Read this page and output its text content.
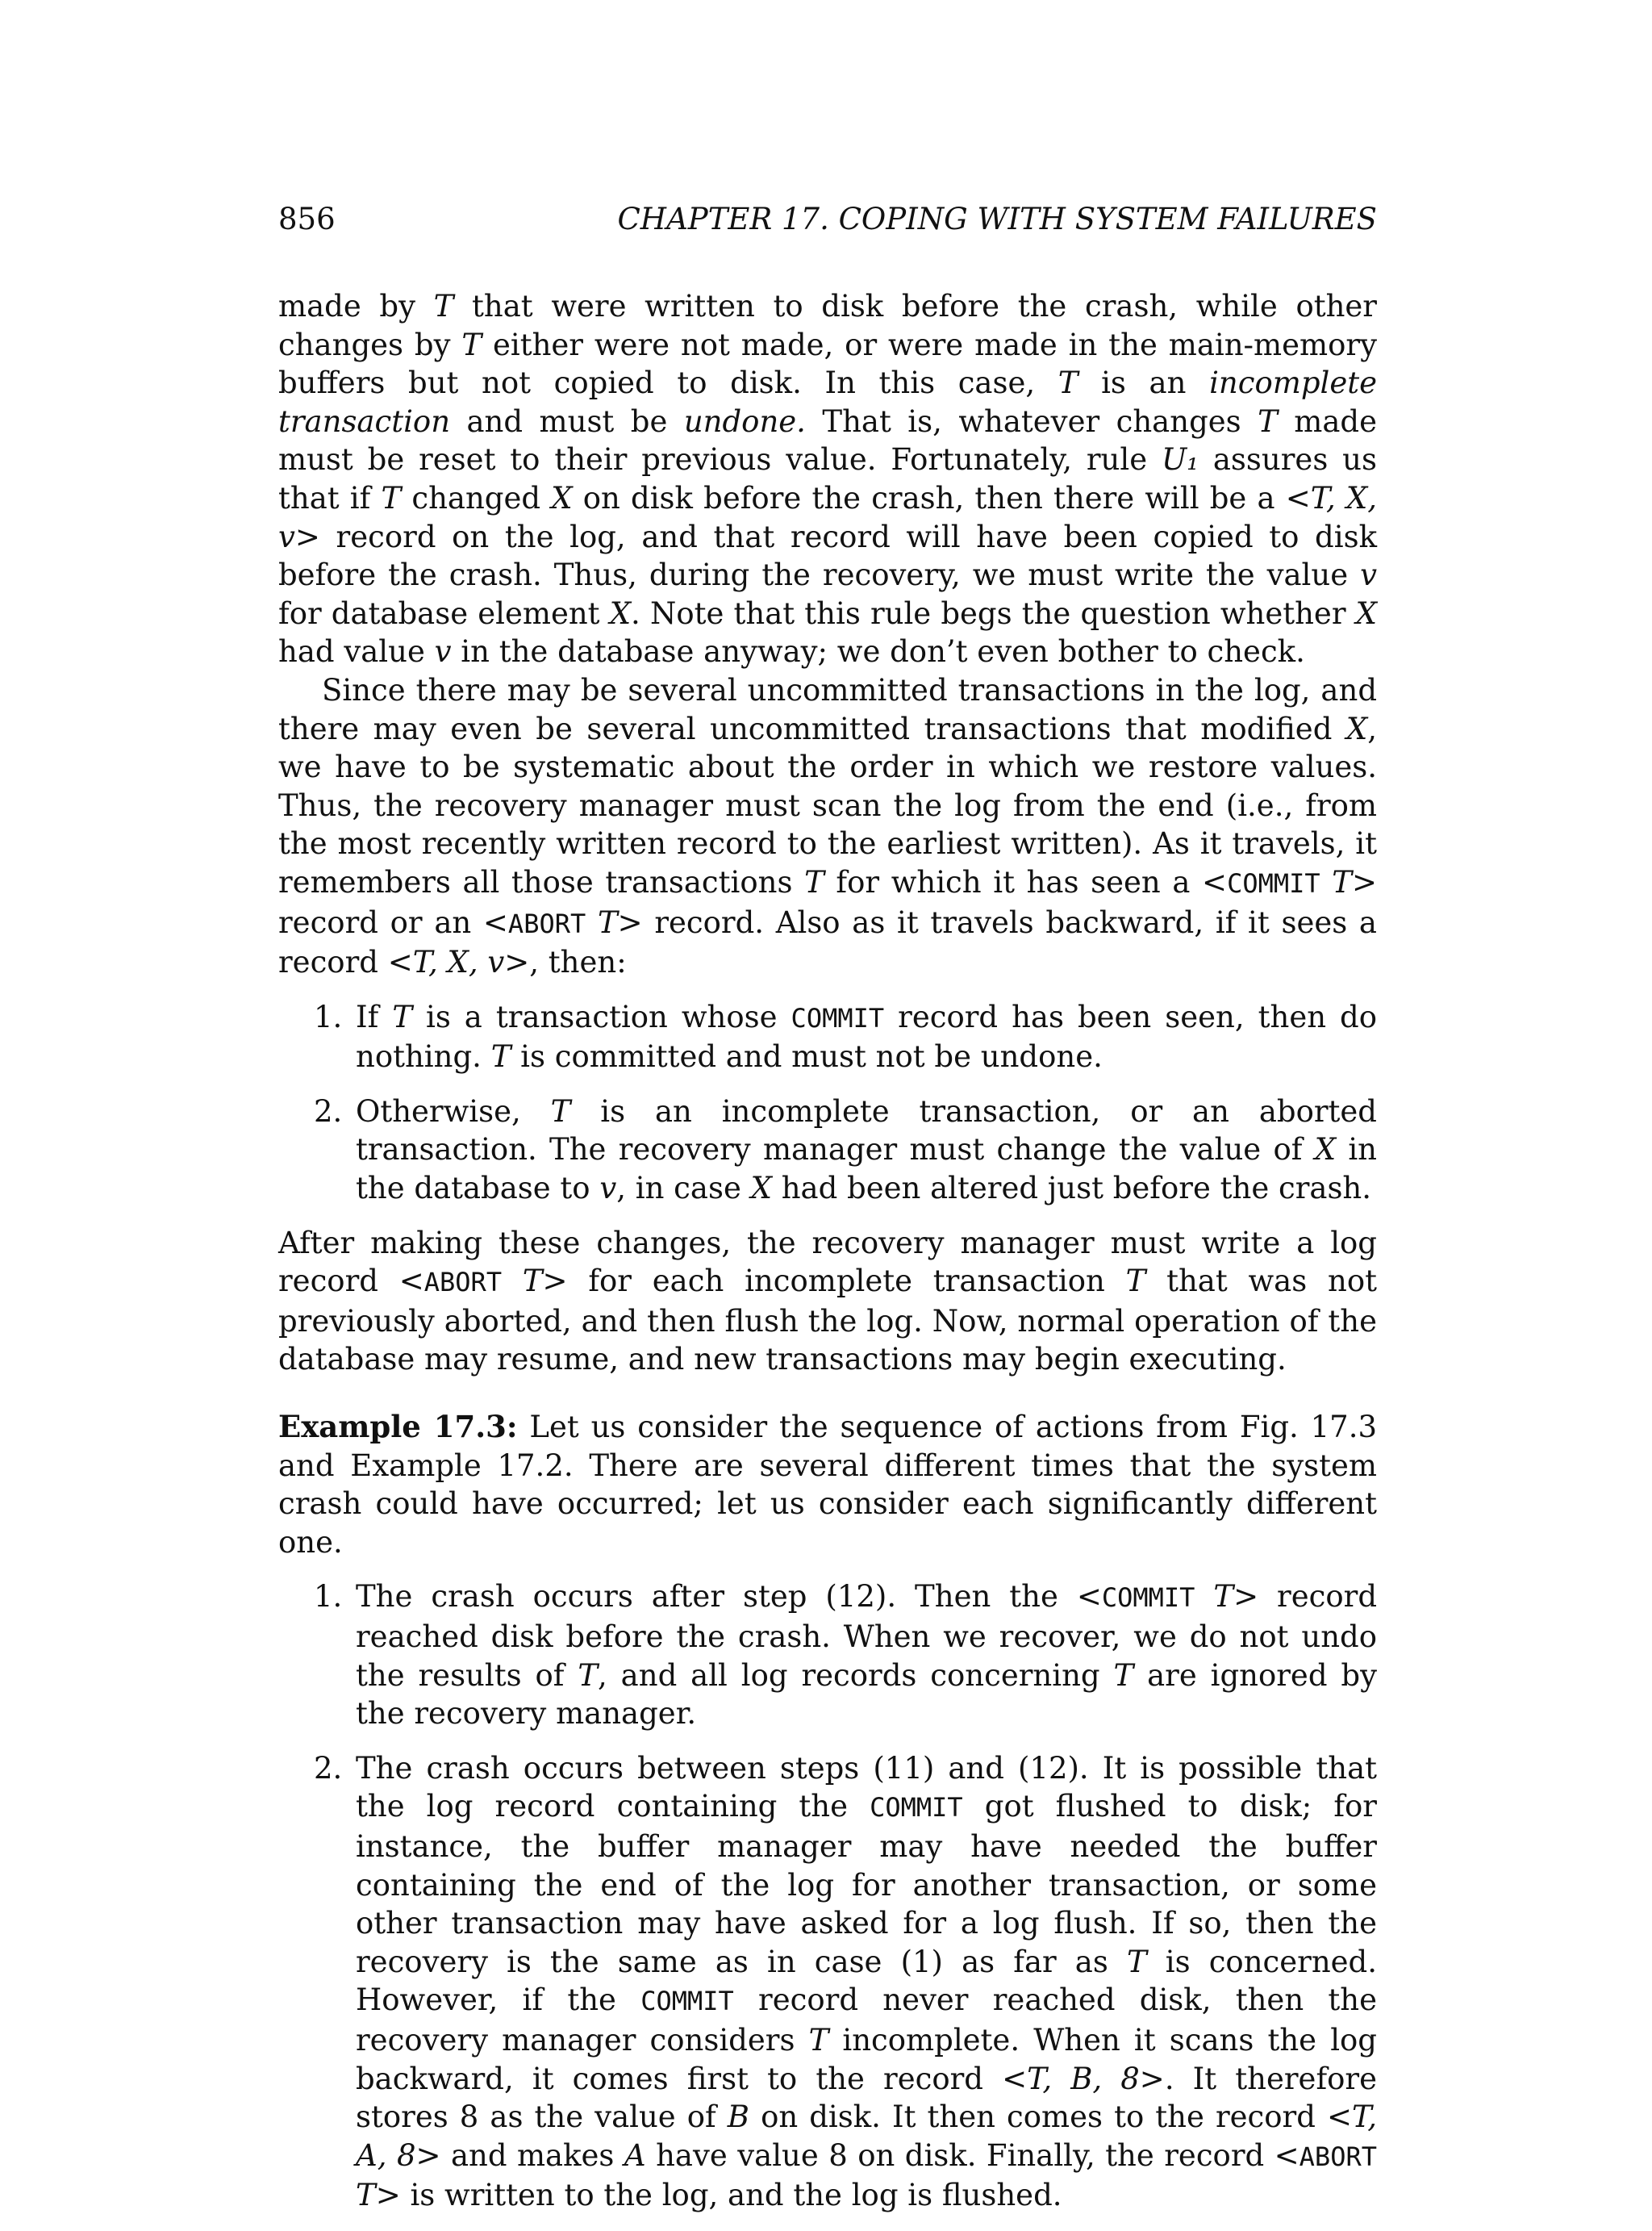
856	CHAPTER 17. COPING WITH SYSTEM FAILURES

made by T that were written to disk before the crash, while other changes by T either were not made, or were made in the main-memory buffers but not copied to disk. In this case, T is an incomplete transaction and must be undone. That is, whatever changes T made must be reset to their previous value. Fortunately, rule U₁ assures us that if T changed X on disk before the crash, then there will be a <T, X, v> record on the log, and that record will have been copied to disk before the crash. Thus, during the recovery, we must write the value v for database element X. Note that this rule begs the question whether X had value v in the database anyway; we don’t even bother to check.

Since there may be several uncommitted transactions in the log, and there may even be several uncommitted transactions that modified X, we have to be systematic about the order in which we restore values. Thus, the recovery manager must scan the log from the end (i.e., from the most recently written record to the earliest written). As it travels, it remembers all those transactions T for which it has seen a <COMMIT T> record or an <ABORT T> record. Also as it travels backward, if it sees a record <T, X, v>, then:

1. If T is a transaction whose COMMIT record has been seen, then do nothing. T is committed and must not be undone.
2. Otherwise, T is an incomplete transaction, or an aborted transaction. The recovery manager must change the value of X in the database to v, in case X had been altered just before the crash.

After making these changes, the recovery manager must write a log record <ABORT T> for each incomplete transaction T that was not previously aborted, and then flush the log. Now, normal operation of the database may resume, and new transactions may begin executing.

Example 17.3: Let us consider the sequence of actions from Fig. 17.3 and Example 17.2. There are several different times that the system crash could have occurred; let us consider each significantly different one.

1. The crash occurs after step (12). Then the <COMMIT T> record reached disk before the crash. When we recover, we do not undo the results of T, and all log records concerning T are ignored by the recovery manager.
2. The crash occurs between steps (11) and (12). It is possible that the log record containing the COMMIT got flushed to disk; for instance, the buffer manager may have needed the buffer containing the end of the log for another transaction, or some other transaction may have asked for a log flush. If so, then the recovery is the same as in case (1) as far as T is concerned. However, if the COMMIT record never reached disk, then the recovery manager considers T incomplete. When it scans the log backward, it comes first to the record <T, B, 8>. It therefore stores 8 as the value of B on disk. It then comes to the record <T, A, 8> and makes A have value 8 on disk. Finally, the record <ABORT T> is written to the log, and the log is flushed.
